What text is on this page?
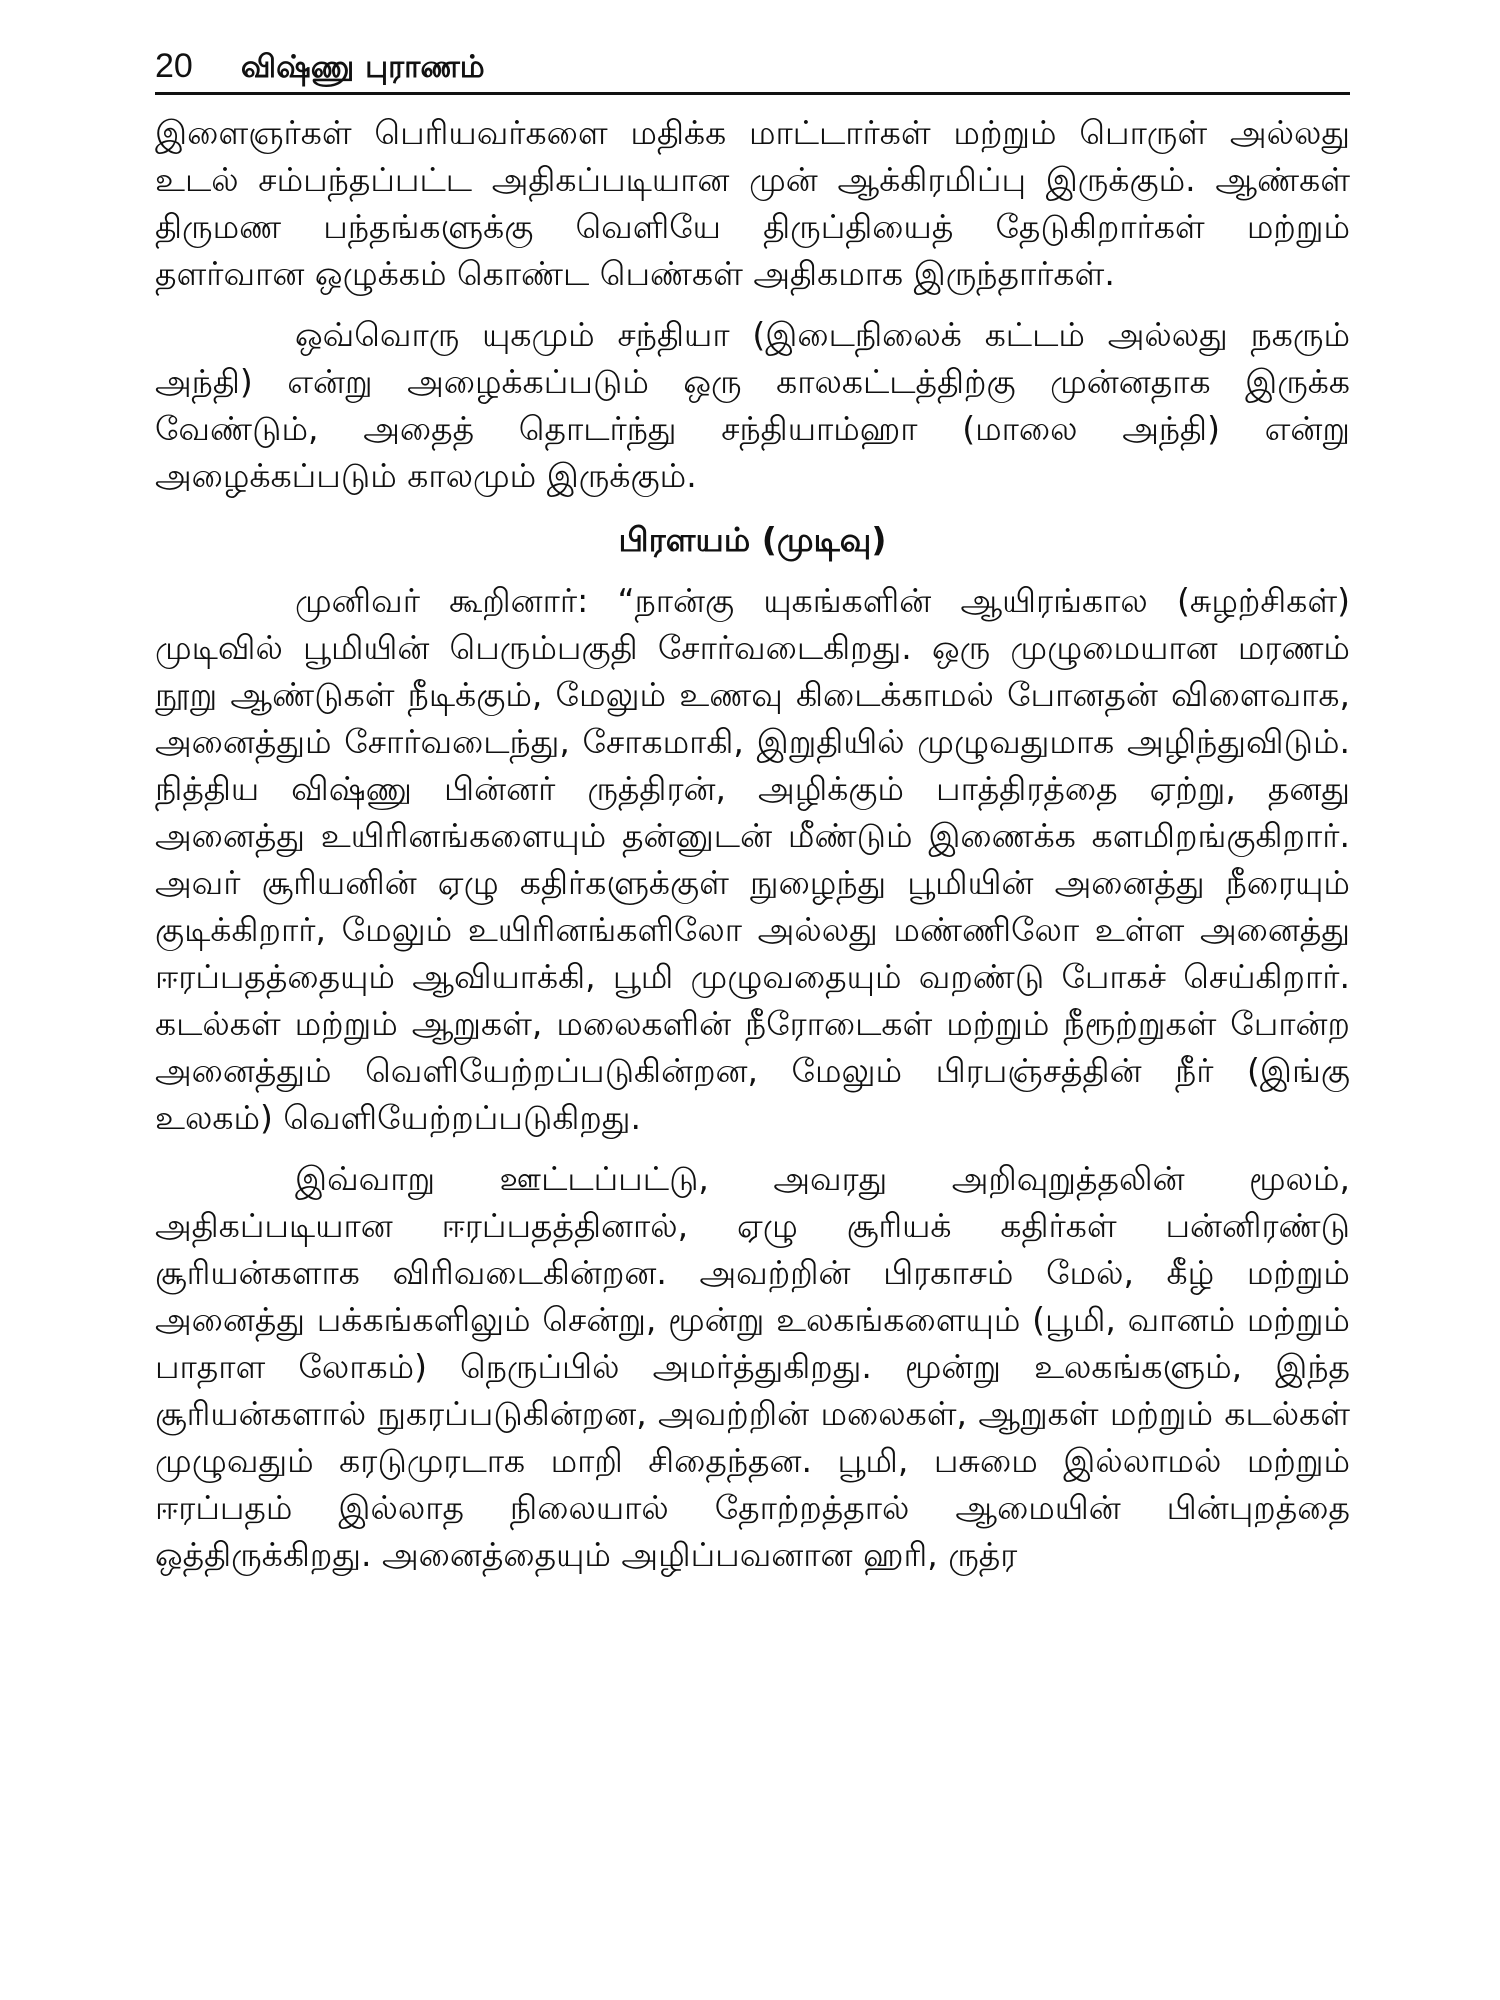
20 விஷ்ணு புராணம்

இளைஞர்கள் பெரியவர்களை மதிக்க மாட்டார்கள் மற்றும் பொருள் அல்லது உடல் சம்பந்தப்பட்ட அதிகப்படியான முன் ஆக்கிரமிப்பு இருக்கும். ஆண்கள் திருமண பந்தங்களுக்கு வெளியே திருப்தியைத் தேடுகிறார்கள் மற்றும் தளர்வான ஒழுக்கம் கொண்ட பெண்கள் அதிகமாக இருந்தார்கள்.

ஒவ்வொரு யுகமும் சந்தியா (இடைநிலைக் கட்டம் அல்லது நகரும் அந்தி) என்று அழைக்கப்படும் ஒரு காலகட்டத்திற்கு முன்னதாக இருக்க வேண்டும், அதைத் தொடர்ந்து சந்தியாம்ஹா (மாலை அந்தி) என்று அழைக்கப்படும் காலமும் இருக்கும்.

பிரளயம் (முடிவு)

முனிவர் கூறினார்: “நான்கு யுகங்களின் ஆயிரங்கால (சுழற்சிகள்) முடிவில் பூமியின் பெரும்பகுதி சோர்வடைகிறது. ஒரு முழுமையான மரணம் நூறு ஆண்டுகள் நீடிக்கும், மேலும் உணவு கிடைக்காமல் போனதன் விளைவாக, அனைத்தும் சோர்வடைந்து, சோகமாகி, இறுதியில் முழுவதுமாக அழிந்துவிடும். நித்திய விஷ்ணு பின்னர் ருத்திரன், அழிக்கும் பாத்திரத்தை ஏற்று, தனது அனைத்து உயிரினங்களையும் தன்னுடன் மீண்டும் இணைக்க களமிறங்குகிறார். அவர் சூரியனின் ஏழு கதிர்களுக்குள் நுழைந்து பூமியின் அனைத்து நீரையும் குடிக்கிறார், மேலும் உயிரினங்களிலோ அல்லது மண்ணிலோ உள்ள அனைத்து ஈரப்பதத்தையும் ஆவியாக்கி, பூமி முழுவதையும் வறண்டு போகச் செய்கிறார். கடல்கள் மற்றும் ஆறுகள், மலைகளின் நீரோடைகள் மற்றும் நீரூற்றுகள் போன்ற அனைத்தும் வெளியேற்றப்படுகின்றன, மேலும் பிரபஞ்சத்தின் நீர் (இங்கு உலகம்) வெளியேற்றப்படுகிறது.

இவ்வாறு ஊட்டப்பட்டு, அவரது அறிவுறுத்தலின் மூலம், அதிகப்படியான ஈரப்பதத்தினால், ஏழு சூரியக் கதிர்கள் பன்னிரண்டு சூரியன்களாக விரிவடைகின்றன. அவற்றின் பிரகாசம் மேல், கீழ் மற்றும் அனைத்து பக்கங்களிலும் சென்று, மூன்று உலகங்களையும் (பூமி, வானம் மற்றும் பாதாள லோகம்) நெருப்பில் அமர்த்துகிறது. மூன்று உலகங்களும், இந்த சூரியன்களால் நுகரப்படுகின்றன, அவற்றின் மலைகள், ஆறுகள் மற்றும் கடல்கள் முழுவதும் கரடுமுரடாக மாறி சிதைந்தன. பூமி, பசுமை இல்லாமல் மற்றும் ஈரப்பதம் இல்லாத நிலையால் தோற்றத்தால் ஆமையின் பின்புறத்தை ஒத்திருக்கிறது. அனைத்தையும் அழிப்பவனான ஹரி, ருத்ர
